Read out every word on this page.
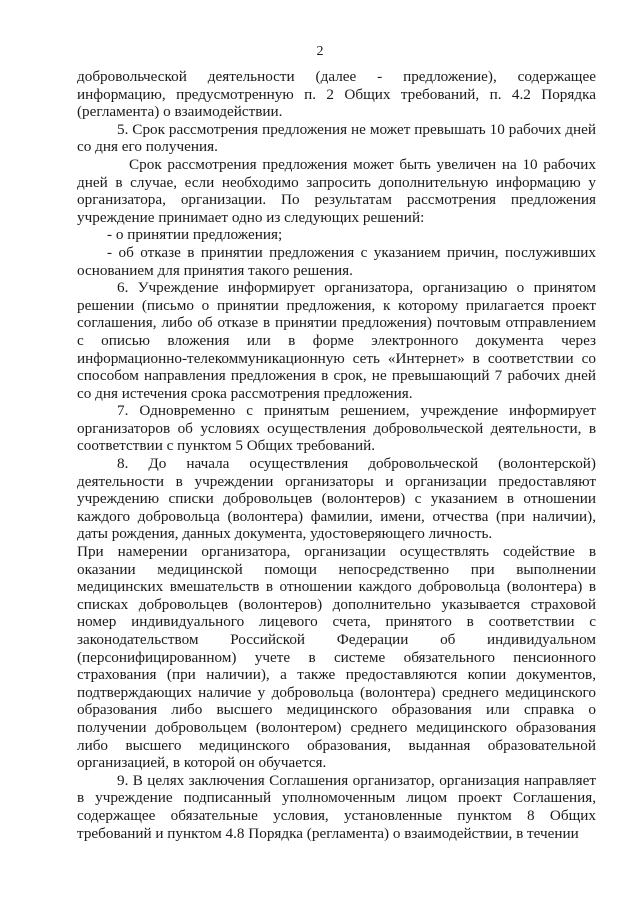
2

добровольческой деятельности (далее - предложение), содержащее информацию, предусмотренную п. 2 Общих требований, п. 4.2 Порядка (регламента) о взаимодействии.

5. Срок рассмотрения предложения не может превышать 10 рабочих дней со дня его получения.

Срок рассмотрения предложения может быть увеличен на 10 рабочих дней в случае, если необходимо запросить дополнительную информацию у организатора, организации. По результатам рассмотрения предложения учреждение принимает одно из следующих решений:

- о принятии предложения;

- об отказе в принятии предложения с указанием причин, послуживших основанием для принятия такого решения.

6. Учреждение информирует организатора, организацию о принятом решении (письмо о принятии предложения, к которому прилагается проект соглашения, либо об отказе в принятии предложения) почтовым отправлением с описью вложения или в форме электронного документа через информационно-телекоммуникационную сеть «Интернет» в соответствии со способом направления предложения в срок, не превышающий 7 рабочих дней со дня истечения срока рассмотрения предложения.

7. Одновременно с принятым решением, учреждение информирует организаторов об условиях осуществления добровольческой деятельности, в соответствии с пунктом 5 Общих требований.

8. До начала осуществления добровольческой (волонтерской) деятельности в учреждении организаторы и организации предоставляют учреждению списки добровольцев (волонтеров) с указанием в отношении каждого добровольца (волонтера) фамилии, имени, отчества (при наличии), даты рождения, данных документа, удостоверяющего личность.

При намерении организатора, организации осуществлять содействие в оказании медицинской помощи непосредственно при выполнении медицинских вмешательств в отношении каждого добровольца (волонтера) в списках добровольцев (волонтеров) дополнительно указывается страховой номер индивидуального лицевого счета, принятого в соответствии с законодательством Российской Федерации об индивидуальном (персонифицированном) учете в системе обязательного пенсионного страхования (при наличии), а также предоставляются копии документов, подтверждающих наличие у добровольца (волонтера) среднего медицинского образования либо высшего медицинского образования или справка о получении добровольцем (волонтером) среднего медицинского образования либо высшего медицинского образования, выданная образовательной организацией, в которой он обучается.

9. В целях заключения Соглашения организатор, организация направляет в учреждение подписанный уполномоченным лицом проект Соглашения, содержащее обязательные условия, установленные пунктом 8 Общих требований и пунктом 4.8 Порядка (регламента) о взаимодействии, в течении
